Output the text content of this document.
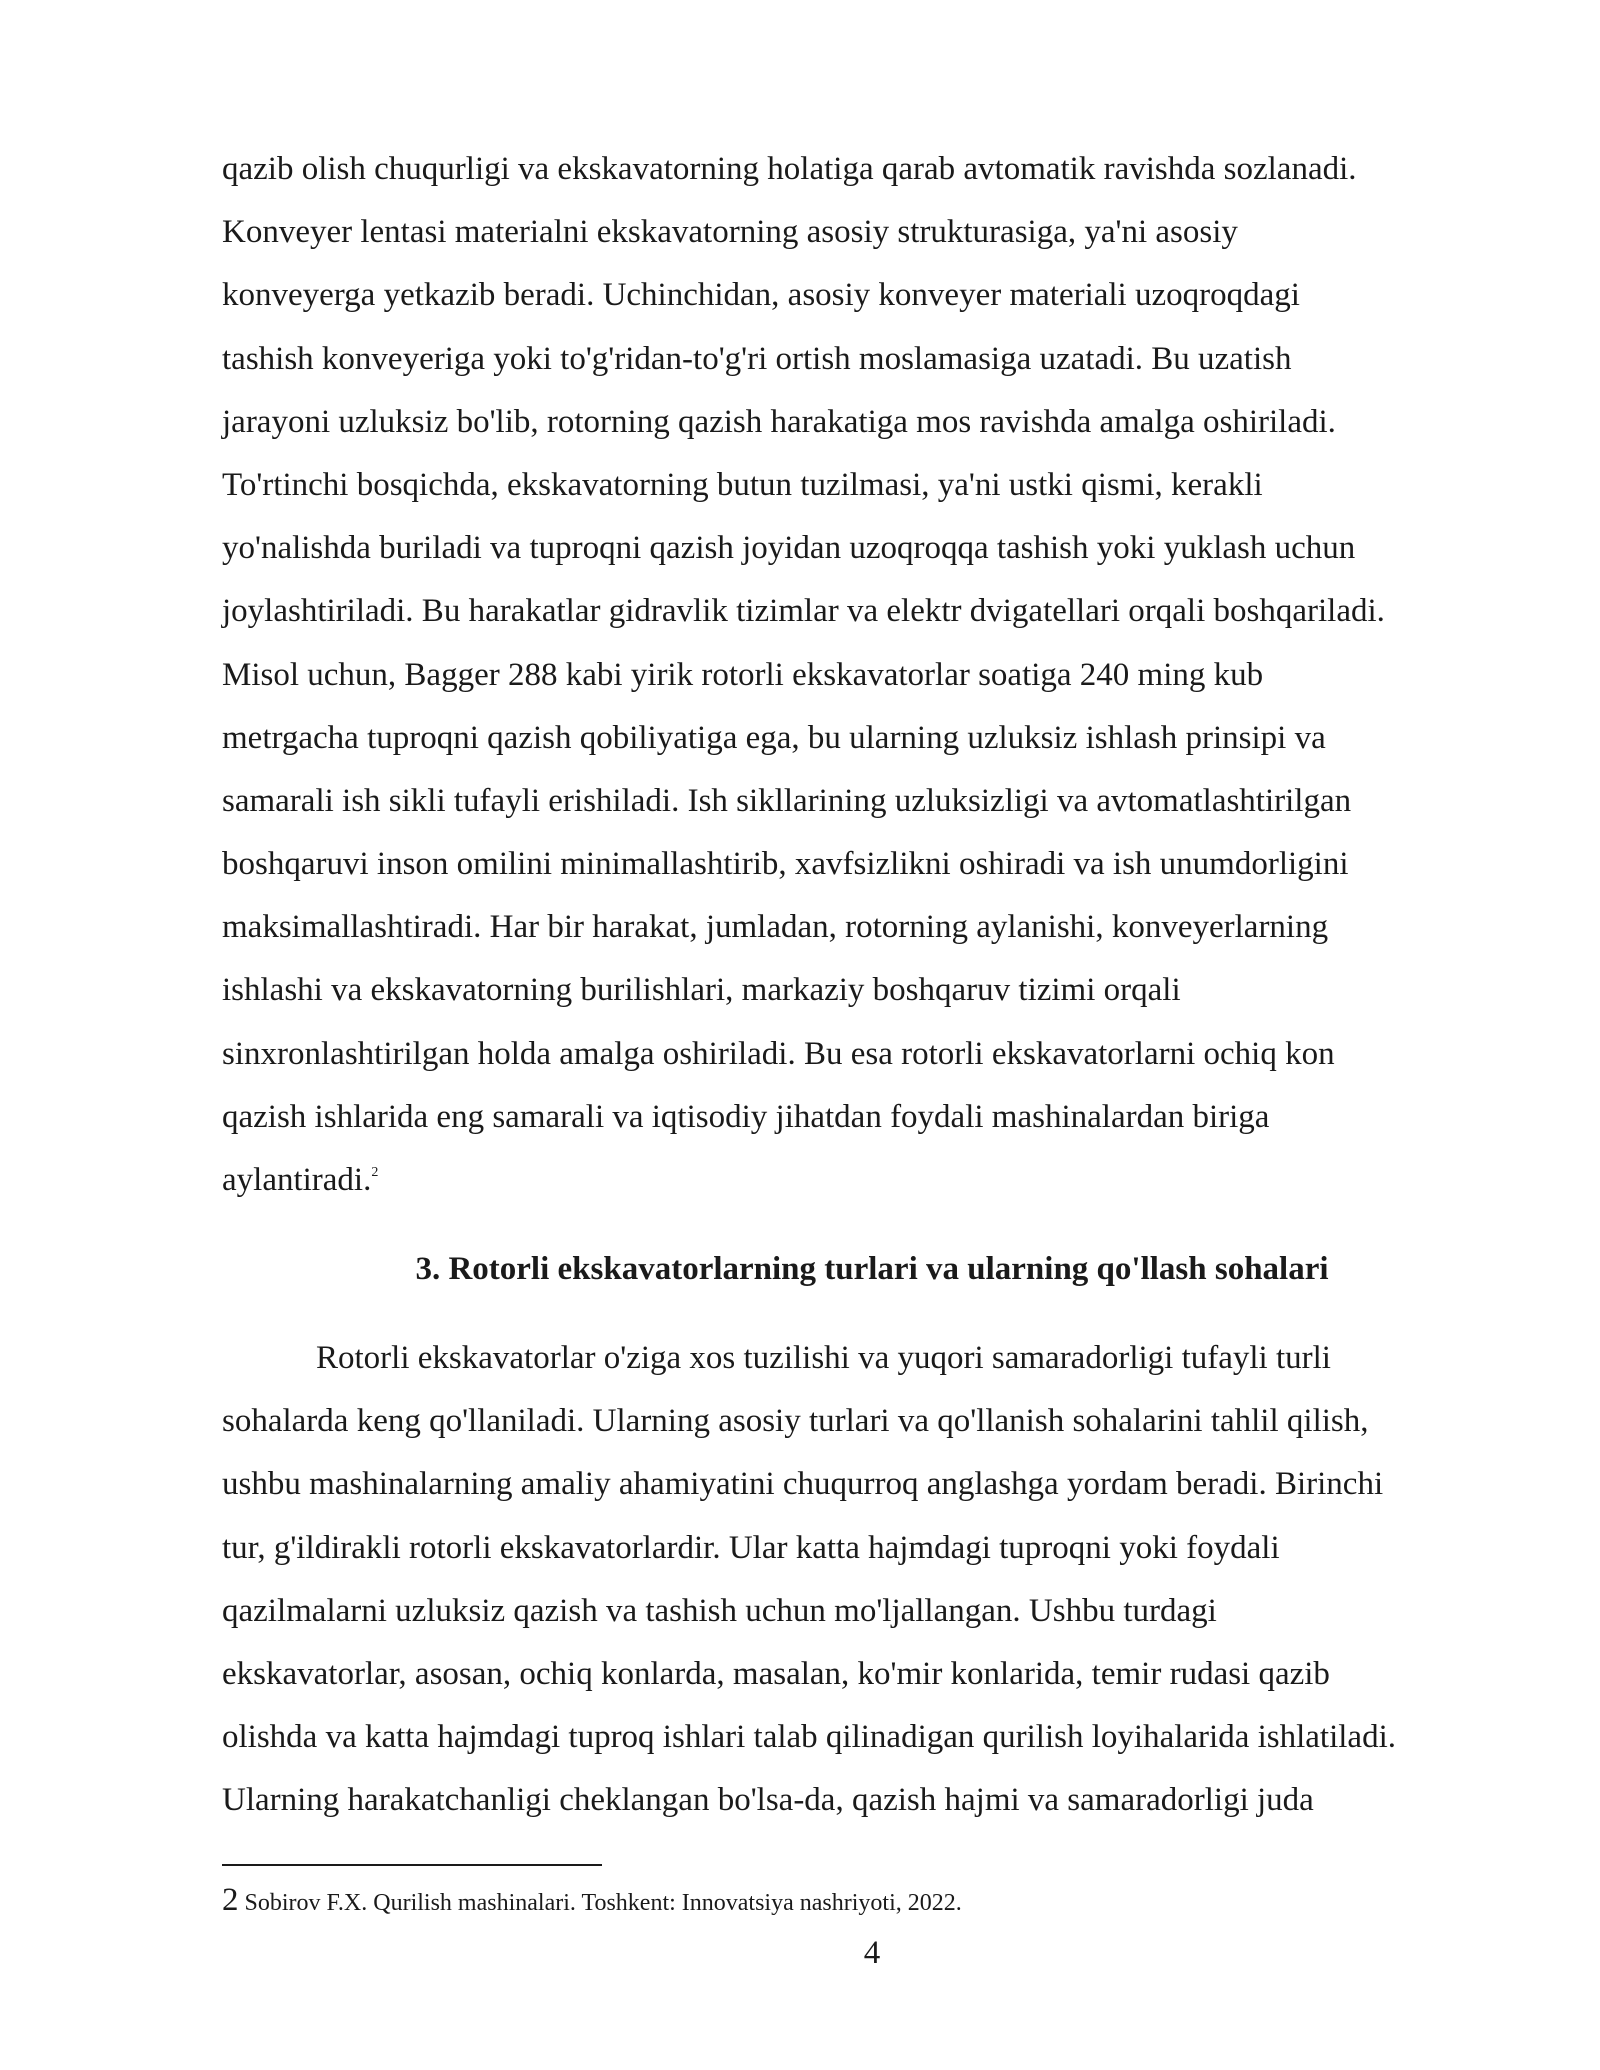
qazib olish chuqurligi va ekskavatorning holatiga qarab avtomatik ravishda sozlanadi.
Konveyer lentasi materialni ekskavatorning asosiy strukturasiga, ya'ni asosiy
konveyerga yetkazib beradi. Uchinchidan, asosiy konveyer materiali uzoqroqdagi
tashish konveyeriga yoki to'g'ridan-to'g'ri ortish moslamasiga uzatadi. Bu uzatish
jarayoni uzluksiz bo'lib, rotorning qazish harakatiga mos ravishda amalga oshiriladi.
To'rtinchi bosqichda, ekskavatorning butun tuzilmasi, ya'ni ustki qismi, kerakli
yo'nalishda buriladi va tuproqni qazish joyidan uzoqroqqa tashish yoki yuklash uchun
joylashtiriladi. Bu harakatlar gidravlik tizimlar va elektr dvigatellari orqali boshqariladi.
Misol uchun, Bagger 288 kabi yirik rotorli ekskavatorlar soatiga 240 ming kub
metrgacha tuproqni qazish qobiliyatiga ega, bu ularning uzluksiz ishlash prinsipi va
samarali ish sikli tufayli erishiladi. Ish sikllarining uzluksizligi va avtomatlashtirilgan
boshqaruvi inson omilini minimallashtirib, xavfsizlikni oshiradi va ish unumdorligini
maksimallashtiradi. Har bir harakat, jumladan, rotorning aylanishi, konveyerlarning
ishlashi va ekskavatorning burilishlari, markaziy boshqaruv tizimi orqali
sinxronlashtirilgan holda amalga oshiriladi. Bu esa rotorli ekskavatorlarni ochiq kon
qazish ishlarida eng samarali va iqtisodiy jihatdan foydali mashinalardan biriga
aylantiradi.$^2$
3. Rotorli ekskavatorlarning turlari va ularning qo'llash sohalari
Rotorli ekskavatorlar o'ziga xos tuzilishi va yuqori samaradorligi tufayli turli
sohalarda keng qo'llaniladi. Ularning asosiy turlari va qo'llanish sohalarini tahlil qilish,
ushbu mashinalarning amaliy ahamiyatini chuqurroq anglashga yordam beradi. Birinchi
tur, g'ildirakli rotorli ekskavatorlardir. Ular katta hajmdagi tuproqni yoki foydali
qazilmalarni uzluksiz qazish va tashish uchun mo'ljallangan. Ushbu turdagi
ekskavatorlar, asosan, ochiq konlarda, masalan, ko'mir konlarida, temir rudasi qazib
olishda va katta hajmdagi tuproq ishlari talab qilinadigan qurilish loyihalarida ishlatiladi.
Ularning harakatchanligi cheklangan bo'lsa-da, qazish hajmi va samaradorligi juda
2 Sobirov F.X. Qurilish mashinalari. Toshkent: Innovatsiya nashriyoti, 2022.
4
